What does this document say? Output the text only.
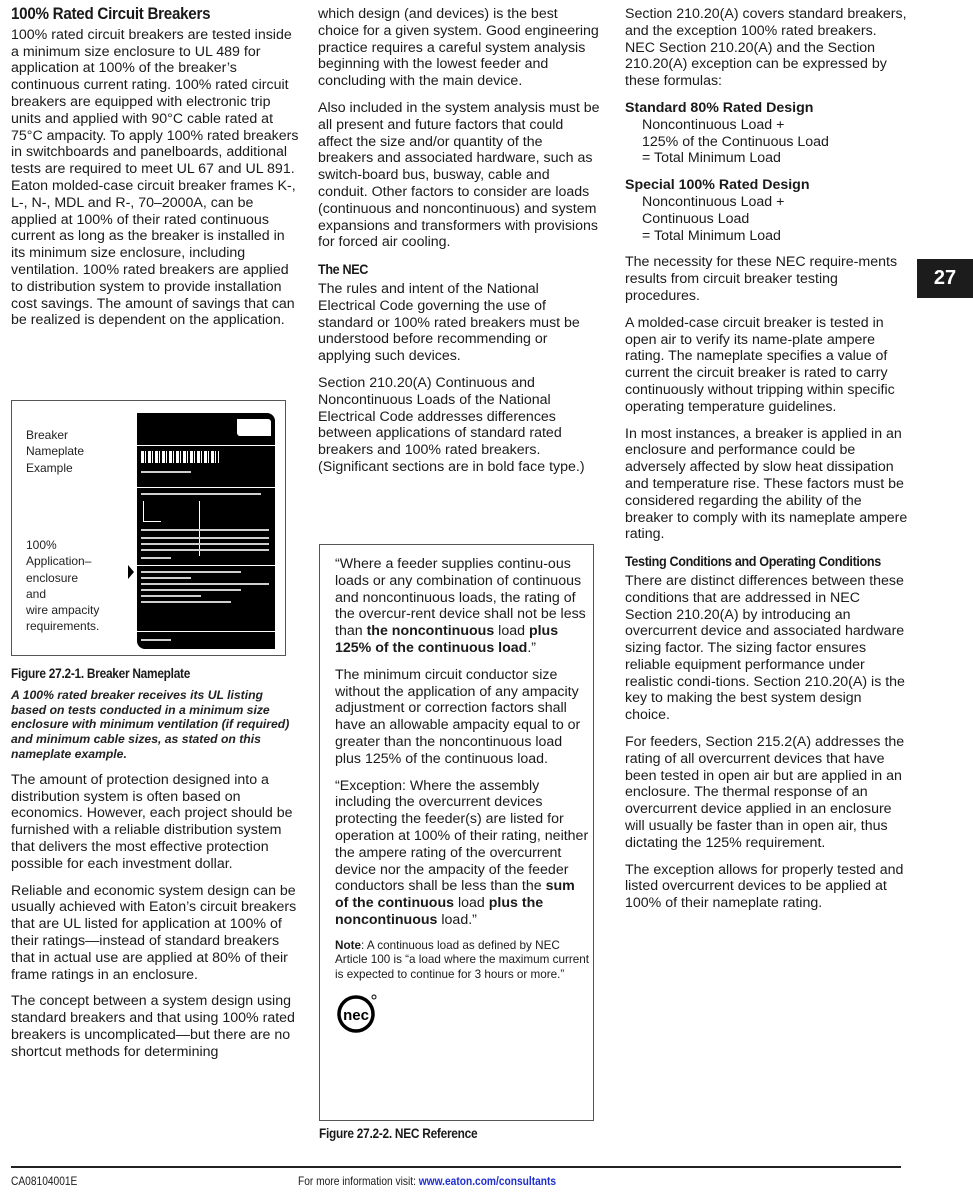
100% Rated Circuit Breakers

100% rated circuit breakers are tested inside a minimum size enclosure to UL 489 for application at 100% of the breaker’s continuous current rating. 100% rated circuit breakers are equipped with electronic trip units and applied with 90°C cable rated at 75°C ampacity. To apply 100% rated breakers in switchboards and panelboards, additional tests are required to meet UL 67 and UL 891. Eaton molded-case circuit breaker frames K-, L-, N-, MDL and R-, 70–2000A, can be applied at 100% of their rated continuous current as long as the breaker is installed in its minimum size enclosure, including ventilation. 100% rated breakers are applied to distribution system to provide installation cost savings. The amount of savings that can be realized is dependent on the application.

Breaker
Nameplate
Example
100%
Application–
enclosure
and
wire ampacity
requirements.
Figure 27.2-1. Breaker Nameplate

A 100% rated breaker receives its UL listing based on tests conducted in a minimum size enclosure with minimum ventilation (if required) and minimum cable sizes, as stated on this nameplate example.

The amount of protection designed into a distribution system is often based on economics. However, each project should be furnished with a reliable distribution system that delivers the most effective protection possible for each investment dollar.

Reliable and economic system design can be usually achieved with Eaton’s circuit breakers that are UL listed for application at 100% of their ratings—instead of standard breakers that in actual use are applied at 80% of their frame ratings in an enclosure.

The concept between a system design using standard breakers and that using 100% rated breakers is uncomplicated—but there are no shortcut methods for determining

which design (and devices) is the best choice for a given system. Good engineering practice requires a careful system analysis beginning with the lowest feeder and concluding with the main device.

Also included in the system analysis must be all present and future factors that could affect the size and/or quantity of the breakers and associated hardware, such as switch-board bus, busway, cable and conduit. Other factors to consider are loads (continuous and noncontinuous) and system expansions and transformers with provisions for forced air cooling.

The NEC

The rules and intent of the National Electrical Code governing the use of standard or 100% rated breakers must be understood before recommending or applying such devices.

Section 210.20(A) Continuous and Noncontinuous Loads of the National Electrical Code addresses differences between applications of standard rated breakers and 100% rated breakers. (Significant sections are in bold face type.)

“Where a feeder supplies continu-ous loads or any combination of continuous and noncontinuous loads, the rating of the overcur-rent device shall not be less than the noncontinuous load plus 125% of the continuous load.”

The minimum circuit conductor size without the application of any ampacity adjustment or correction factors shall have an allowable ampacity equal to or greater than the noncontinuous load plus 125% of the continuous load.

“Exception: Where the assembly including the overcurrent devices protecting the feeder(s) are listed for operation at 100% of their rating, neither the ampere rating of the overcurrent device nor the ampacity of the feeder conductors shall be less than the sum of the continuous load plus the noncontinuous load.”

Note: A continuous load as defined by NEC Article 100 is “a load where the maximum current is expected to continue for 3 hours or more.”

nec
Figure 27.2-2. NEC Reference

Section 210.20(A) covers standard breakers, and the exception 100% rated breakers. NEC Section 210.20(A) and the Section 210.20(A) exception can be expressed by these formulas:

Standard 80% Rated Design
Noncontinuous Load +
125% of the Continuous Load
= Total Minimum Load
Special 100% Rated Design
Noncontinuous Load +
Continuous Load
= Total Minimum Load

The necessity for these NEC require-ments results from circuit breaker testing procedures.

A molded-case circuit breaker is tested in open air to verify its name-plate ampere rating. The nameplate specifies a value of current the circuit breaker is rated to carry continuously without tripping within specific operating temperature guidelines.

In most instances, a breaker is applied in an enclosure and performance could be adversely affected by slow heat dissipation and temperature rise. These factors must be considered regarding the ability of the breaker to comply with its nameplate ampere rating.

Testing Conditions and Operating Conditions

There are distinct differences between these conditions that are addressed in NEC Section 210.20(A) by introducing an overcurrent device and associated hardware sizing factor. The sizing factor ensures reliable equipment performance under realistic condi-tions. Section 210.20(A) is the key to making the best system design choice.

For feeders, Section 215.2(A) addresses the rating of all overcurrent devices that have been tested in open air but are applied in an enclosure. The thermal response of an overcurrent device applied in an enclosure will usually be faster than in open air, thus dictating the 125% requirement.

The exception allows for properly tested and listed overcurrent devices to be applied at 100% of their nameplate rating.

27
CA08104001E	For more information visit: www.eaton.com/consultants
